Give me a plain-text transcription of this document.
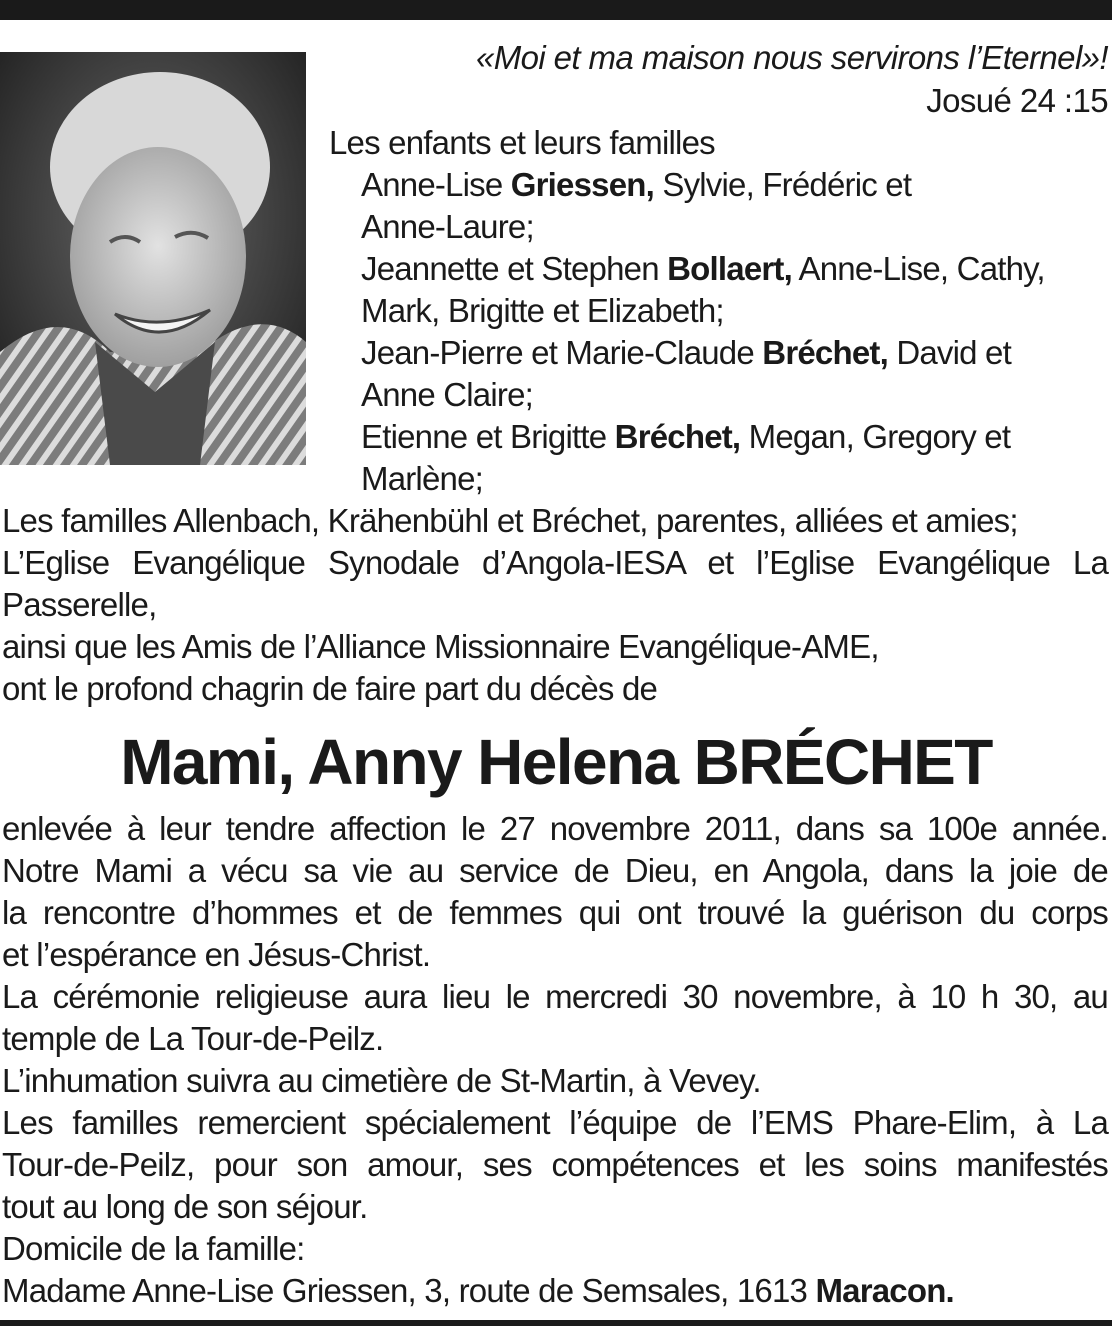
«Moi et ma maison nous servirons l’Eternel»!
Josué 24 :15
Les enfants et leurs familles
Anne-Lise Griessen, Sylvie, Frédéric et
Anne-Laure;
Jeannette et Stephen Bollaert, Anne-Lise, Cathy,
Mark, Brigitte et Elizabeth;
Jean-Pierre et Marie-Claude Bréchet, David et
Anne Claire;
Etienne et Brigitte Bréchet, Megan, Gregory et
Marlène;
Les familles Allenbach, Krähenbühl et Bréchet, parentes, alliées et amies;
L’Eglise Evangélique Synodale d’Angola-IESA et l’Eglise Evangélique La
Passerelle,
ainsi que les Amis de l’Alliance Missionnaire Evangélique-AME,
ont le profond chagrin de faire part du décès de
Mami, Anny Helena BRÉCHET
enlevée à leur tendre affection le 27 novembre 2011, dans sa 100e année.
Notre Mami a vécu sa vie au service de Dieu, en Angola, dans la joie de
la rencontre d’hommes et de femmes qui ont trouvé la guérison du corps
et l’espérance en Jésus-Christ.
La cérémonie religieuse aura lieu le mercredi 30 novembre, à 10 h 30, au
temple de La Tour-de-Peilz.
L’inhumation suivra au cimetière de St-Martin, à Vevey.
Les familles remercient spécialement l’équipe de l’EMS Phare-Elim, à La
Tour-de-Peilz, pour son amour, ses compétences et les soins manifestés
tout au long de son séjour.
Domicile de la famille:
Madame Anne-Lise Griessen, 3, route de Semsales, 1613 Maracon.
